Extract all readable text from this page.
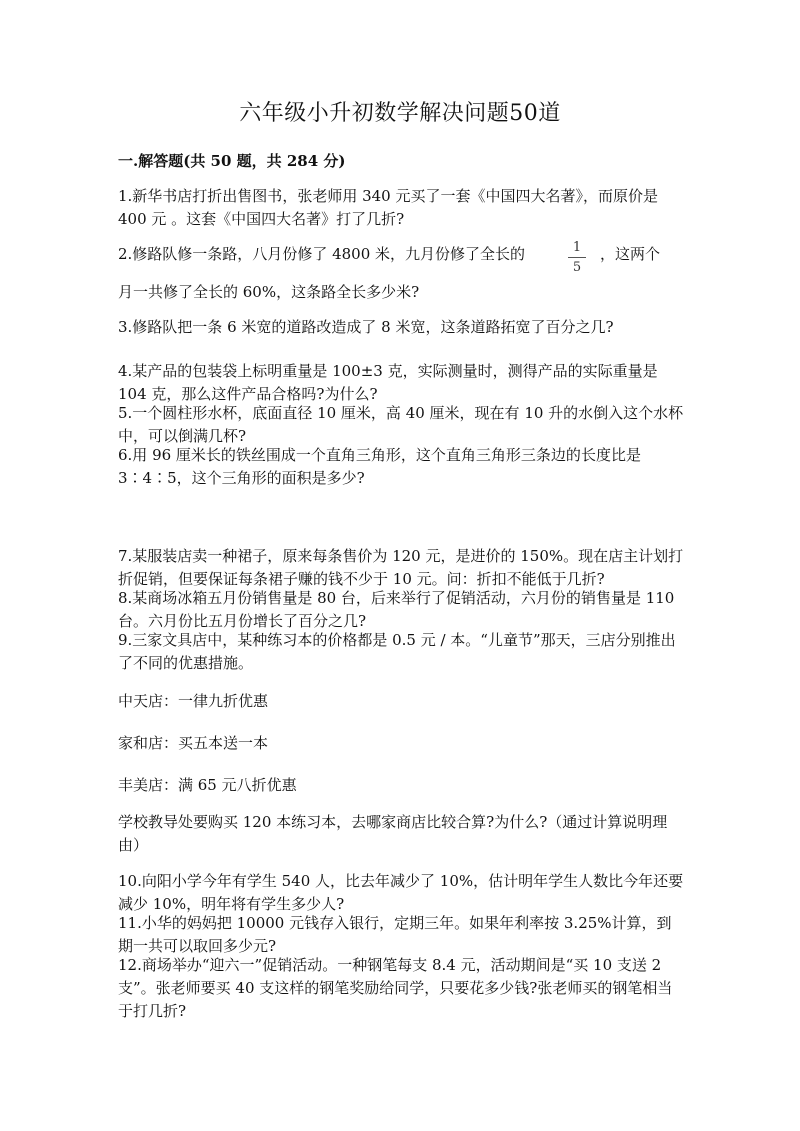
六年级小升初数学解决问题50道
一.解答题(共 50 题，共 284 分)
1.新华书店打折出售图书，张老师用 340 元买了一套《中国四大名著》，而原价是 400 元 。这套《中国四大名著》打了几折?
2.修路队修一条路，八月份修了 4800 米，九月份修了全长的	$\frac{1}{5}$ ，这两个
月一共修了全长的 60%，这条路全长多少米?
3.修路队把一条 6 米宽的道路改造成了 8 米宽，这条道路拓宽了百分之几?
4.某产品的包装袋上标明重量是 100±3 克，实际测量时，测得产品的实际重量是 104 克，那么这件产品合格吗?为什么?
5.一个圆柱形水杯，底面直径 10 厘米，高 40 厘米，现在有 10 升的水倒入这个水杯中，可以倒满几杯?
6.用 96 厘米长的铁丝围成一个直角三角形，这个直角三角形三条边的长度比是 3∶4∶5，这个三角形的面积是多少?
7.某服装店卖一种裙子，原来每条售价为 120 元，是进价的 150%。现在店主计划打折促销，但要保证每条裙子赚的钱不少于 10 元。问：折扣不能低于几折?
8.某商场冰箱五月份销售量是 80 台，后来举行了促销活动，六月份的销售量是 110 台。六月份比五月份增长了百分之几?
9.三家文具店中，某种练习本的价格都是 0.5 元 / 本。“儿童节”那天，三店分别推出了不同的优惠措施。
中天店：一律九折优惠
家和店：买五本送一本
丰美店：满 65 元八折优惠
学校教导处要购买 120 本练习本，去哪家商店比较合算?为什么?（通过计算说明理由）
10.向阳小学今年有学生 540 人，比去年减少了 10%，估计明年学生人数比今年还要减少 10%，明年将有学生多少人?
11.小华的妈妈把 10000 元钱存入银行，定期三年。如果年利率按 3.25%计算，到期一共可以取回多少元?
12.商场举办“迎六一”促销活动。一种钢笔每支 8.4 元，活动期间是“买 10 支送 2 支”。张老师要买 40 支这样的钢笔奖励给同学，只要花多少钱?张老师买的钢笔相当于打几折?
